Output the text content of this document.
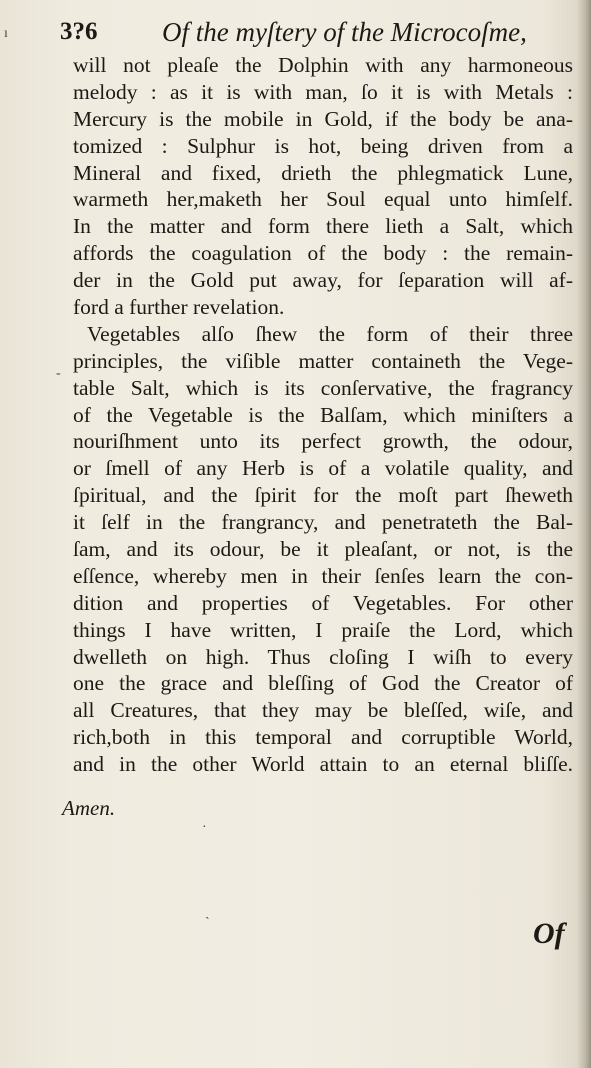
ı
-
·
ˎ
3?6 Of the myſtery of the Microcoſme,
will not pleaſe the Dolphin with any harmoneous
melody : as it is with man, ſo it is with Metals :
Mercury is the mobile in Gold, if the body be ana-
tomized : Sulphur is hot, being driven from a
Mineral and fixed, drieth the phlegmatick Lune,
warmeth her,maketh her Soul equal unto himſelf.
In the matter and form there lieth a Salt, which
affords the coagulation of the body : the remain-
der in the Gold put away, for ſeparation will af-
ford a further revelation.
Vegetables alſo ſhew the form of their three
principles, the viſible matter containeth the Vege-
table Salt, which is its conſervative, the fragrancy
of the Vegetable is the Balſam, which miniſters a
nouriſhment unto its perfect growth, the odour,
or ſmell of any Herb is of a volatile quality, and
ſpiritual, and the ſpirit for the moſt part ſheweth
it ſelf in the frangrancy, and penetrateth the Bal-
ſam, and its odour, be it pleaſant, or not, is the
eſſence, whereby men in their ſenſes learn the con-
dition and properties of Vegetables. For other
things I have written, I praiſe the Lord, which
dwelleth on high. Thus cloſing I wiſh to every
one the grace and bleſſing of God the Creator of
all Creatures, that they may be bleſſed, wiſe, and
rich,both in this temporal and corruptible World,
and in the other World attain to an eternal bliſſe.
Amen.
Of
